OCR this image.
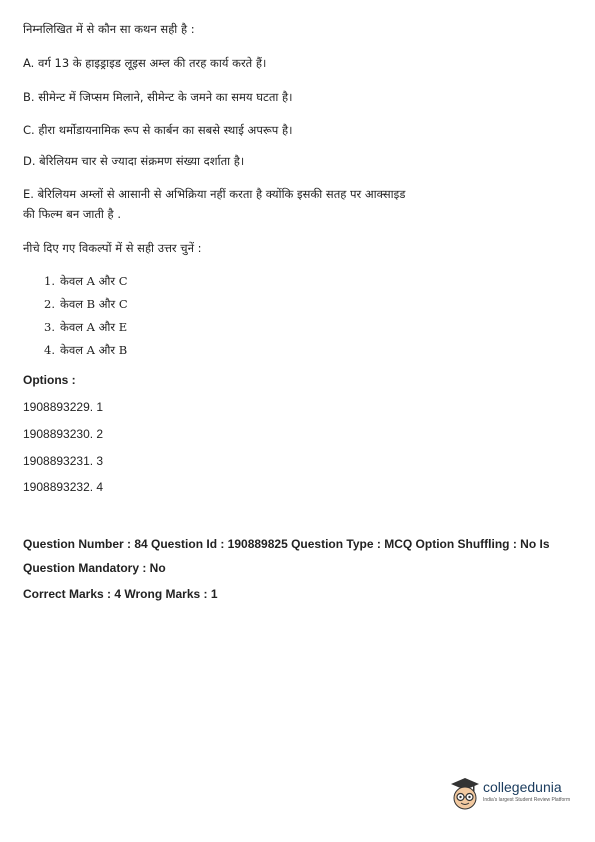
निम्नलिखित में से कौन सा कथन सही है :
A. वर्ग 13 के हाइड्राइड लूइस अम्ल की तरह कार्य करते हैं।
B. सीमेन्ट में जिप्सम मिलाने, सीमेन्ट के जमने का समय घटता है।
C. हीरा थर्मोडायनामिक रूप से कार्बन का सबसे स्थाई अपरूप है।
D. बेरिलियम चार से ज्यादा संक्रमण संख्या दर्शाता है।
E. बेरिलियम अम्लों से आसानी से अभिक्रिया नहीं करता है क्योंकि इसकी सतह पर आक्साइड
की फिल्म बन जाती है .
नीचे दिए गए विकल्पों में से सही उत्तर चुनें :
1. केवल A और C
2. केवल B और C
3. केवल A और E
4. केवल A और B
Options :
1908893229. 1
1908893230. 2
1908893231. 3
1908893232. 4
Question Number : 84 Question Id : 190889825 Question Type : MCQ Option Shuffling : No Is
Question Mandatory : No
Correct Marks : 4 Wrong Marks : 1
collegedunia
India's largest Student Review Platform
